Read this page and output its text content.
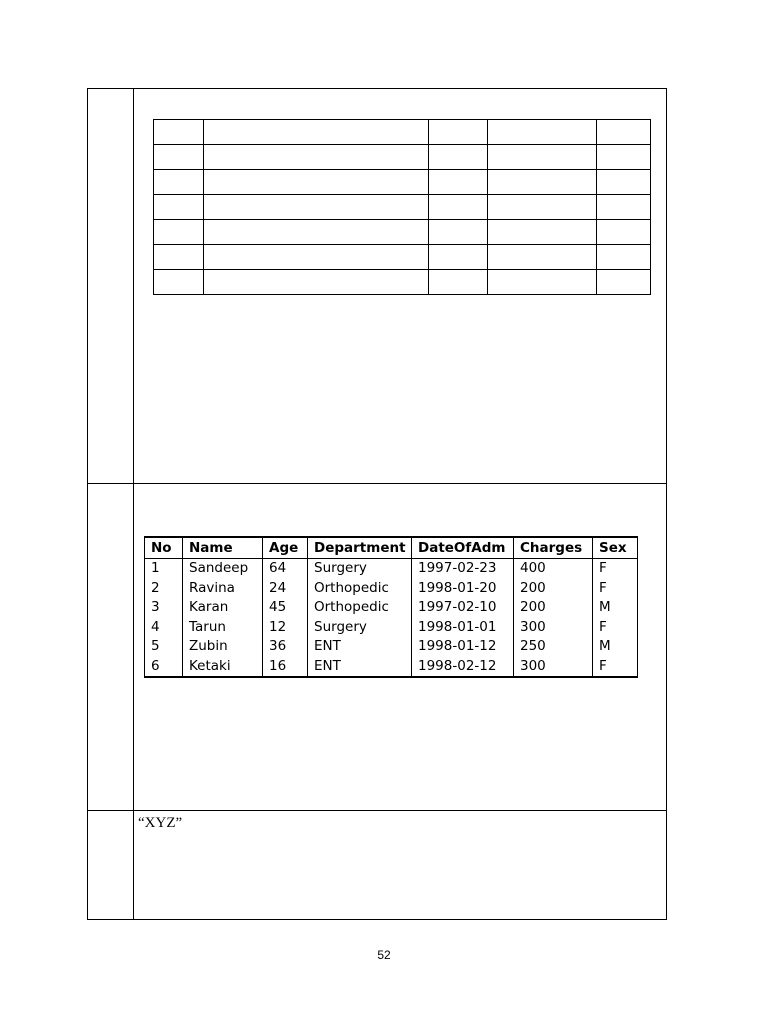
No	Name	Age	Department	DateOfAdm	Charges	Sex
1	Sandeep	64	Surgery	1997-02-23	400	F
2	Ravina	24	Orthopedic	1998-01-20	200	F
3	Karan	45	Orthopedic	1997-02-10	200	M
4	Tarun	12	Surgery	1998-01-01	300	F
5	Zubin	36	ENT	1998-01-12	250	M
6	Ketaki	16	ENT	1998-02-12	300	F
“XYZ”
52
